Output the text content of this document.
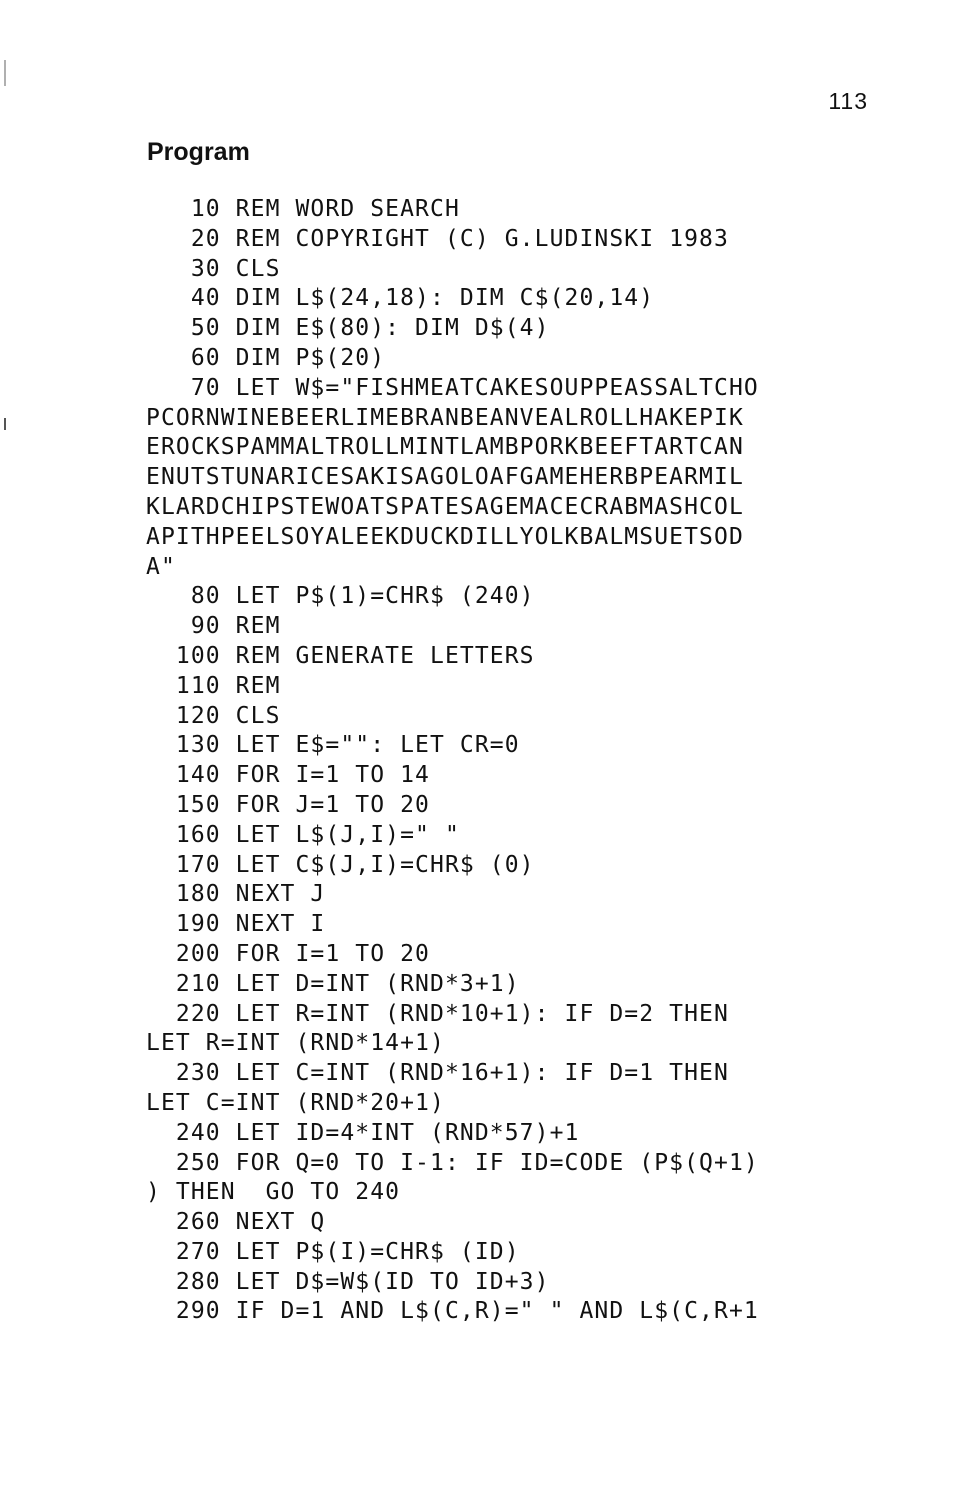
113
Program
10 REM WORD SEARCH
20 REM COPYRIGHT (C) G.LUDINSKI 1983
30 CLS
40 DIM L$(24,18): DIM C$(20,14)
50 DIM E$(80): DIM D$(4)
60 DIM P$(20)
70 LET W$="FISHMEATCAKESOUPPEASSALTCHO
PCORNWINEBEERLIMEBRANBEANVEALROLLHAKEPIK
EROCKSPAMMALTROLLMINTLAMBPORKBEEFTARTCAN
ENUTSTUNARICESAKISAGOLOAFGAMEHERBPEARMIL
KLARDCHIPSTEWOATSPATESAGEMACECRABMASHCOL
APITHPEELSOYALEEKDUCKDILLYOLKBALMSUETSOD
A"
80 LET P$(1)=CHR$ (240)
90 REM
100 REM GENERATE LETTERS
110 REM
120 CLS
130 LET E$="": LET CR=0
140 FOR I=1 TO 14
150 FOR J=1 TO 20
160 LET L$(J,I)=" "
170 LET C$(J,I)=CHR$ (0)
180 NEXT J
190 NEXT I
200 FOR I=1 TO 20
210 LET D=INT (RND*3+1)
220 LET R=INT (RND*10+1): IF D=2 THEN
LET R=INT (RND*14+1)
230 LET C=INT (RND*16+1): IF D=1 THEN
LET C=INT (RND*20+1)
240 LET ID=4*INT (RND*57)+1
250 FOR Q=0 TO I-1: IF ID=CODE (P$(Q+1)
) THEN  GO TO 240
260 NEXT Q
270 LET P$(I)=CHR$ (ID)
280 LET D$=W$(ID TO ID+3)
290 IF D=1 AND L$(C,R)=" " AND L$(C,R+1
